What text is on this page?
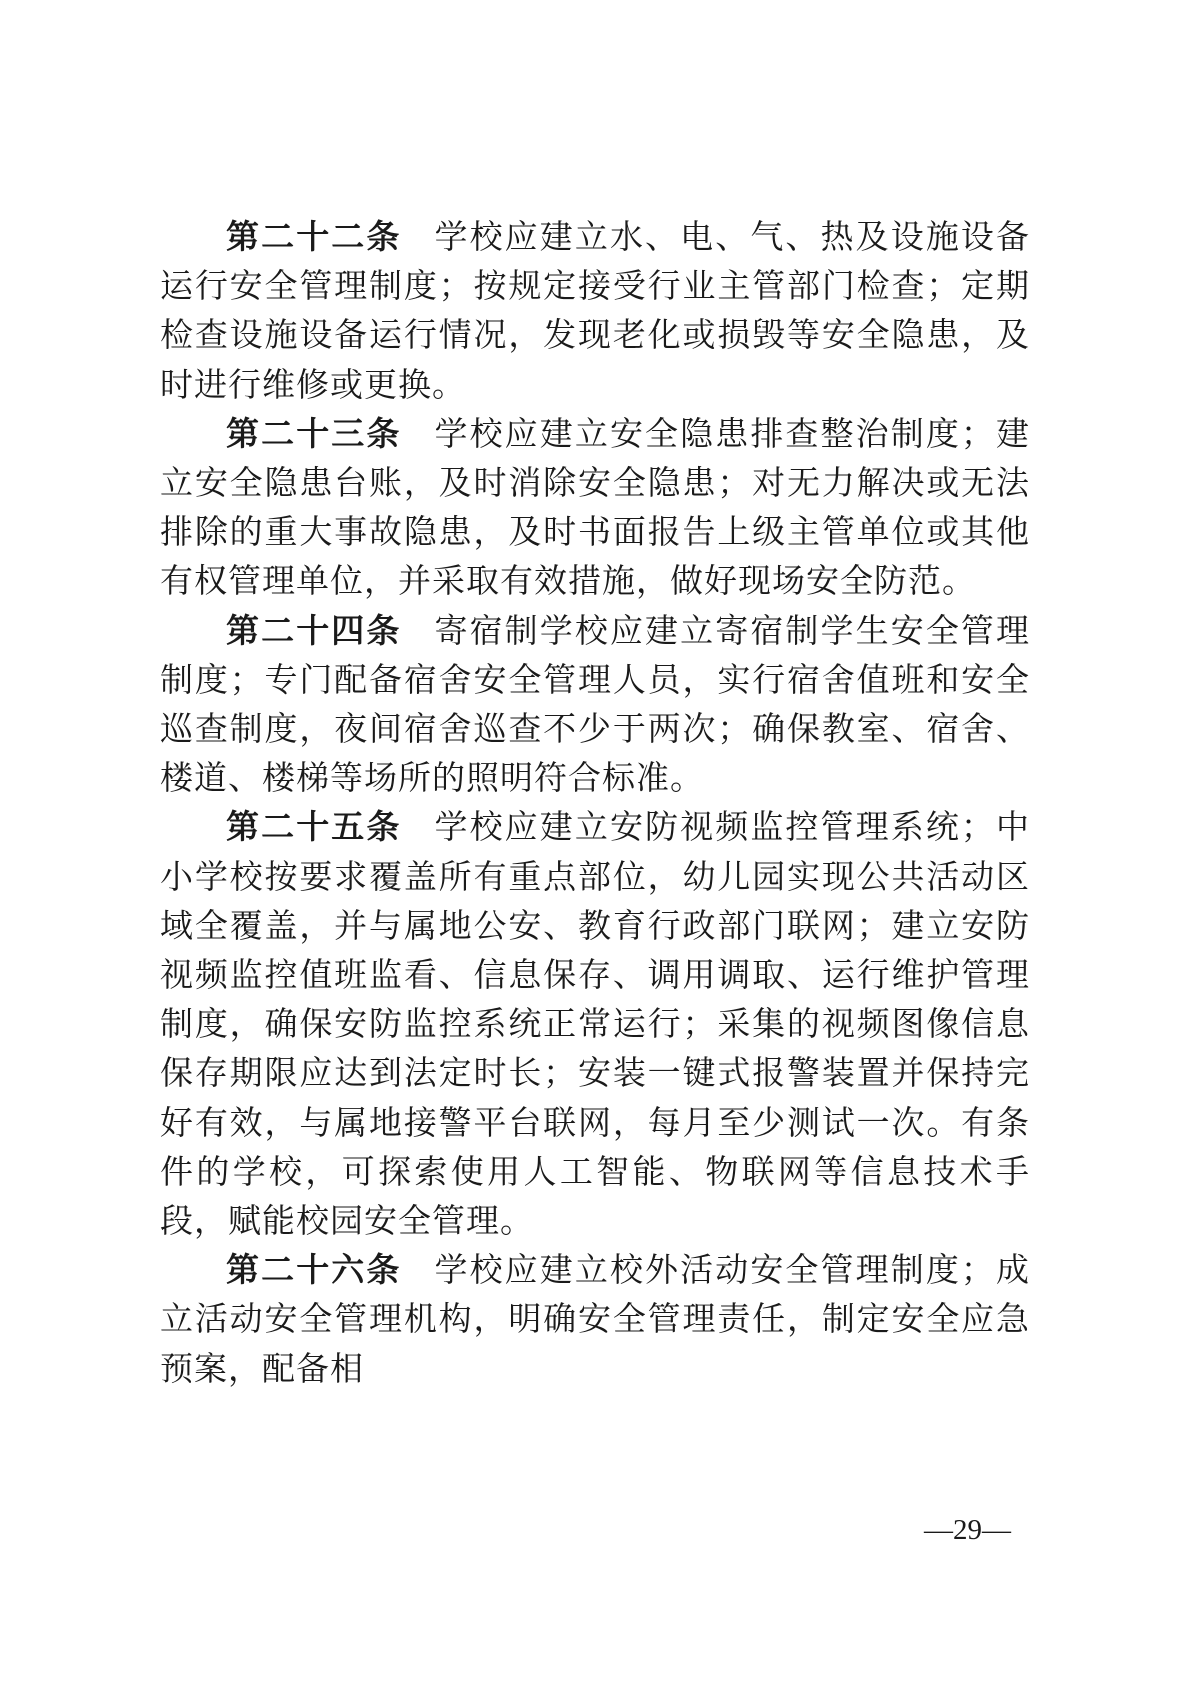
第二十二条 学校应建立水、电、气、热及设施设备运行安全管理制度；按规定接受行业主管部门检查；定期检查设施设备运行情况，发现老化或损毁等安全隐患，及时进行维修或更换。

第二十三条 学校应建立安全隐患排查整治制度；建立安全隐患台账，及时消除安全隐患；对无力解决或无法排除的重大事故隐患，及时书面报告上级主管单位或其他有权管理单位，并采取有效措施，做好现场安全防范。

第二十四条 寄宿制学校应建立寄宿制学生安全管理制度；专门配备宿舍安全管理人员，实行宿舍值班和安全巡查制度，夜间宿舍巡查不少于两次；确保教室、宿舍、楼道、楼梯等场所的照明符合标准。

第二十五条 学校应建立安防视频监控管理系统；中小学校按要求覆盖所有重点部位，幼儿园实现公共活动区域全覆盖，并与属地公安、教育行政部门联网；建立安防视频监控值班监看、信息保存、调用调取、运行维护管理制度，确保安防监控系统正常运行；采集的视频图像信息保存期限应达到法定时长；安装一键式报警装置并保持完好有效，与属地接警平台联网，每月至少测试一次。有条件的学校，可探索使用人工智能、物联网等信息技术手段，赋能校园安全管理。

第二十六条 学校应建立校外活动安全管理制度；成立活动安全管理机构，明确安全管理责任，制定安全应急预案，配备相

—29—
